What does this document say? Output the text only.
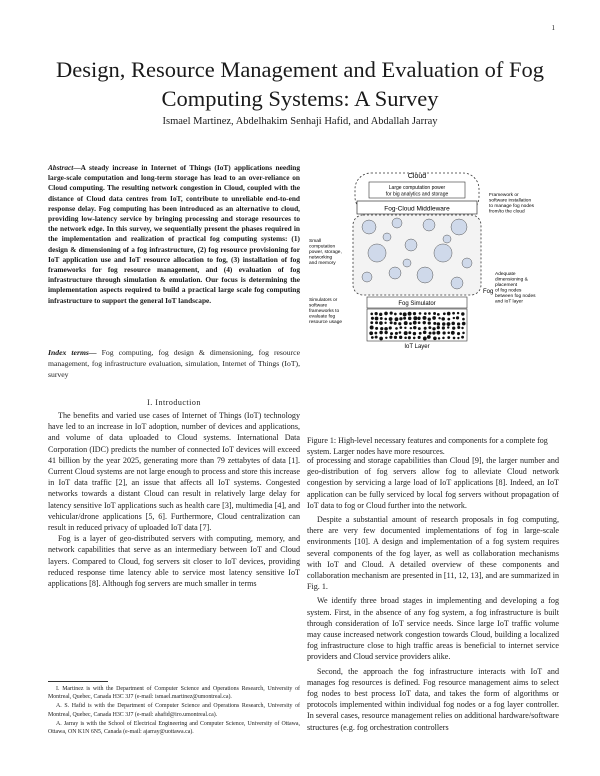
1
Design, Resource Management and Evaluation of Fog Computing Systems: A Survey
Ismael Martinez, Abdelhakim Senhaji Hafid, and Abdallah Jarray
Abstract—A steady increase in Internet of Things (IoT) applications needing large-scale computation and long-term storage has lead to an over-reliance on Cloud computing. The resulting network congestion in Cloud, coupled with the distance of Cloud data centres from IoT, contribute to unreliable end-to-end response delay. Fog computing has been introduced as an alternative to cloud, providing low-latency service by bringing processing and storage resources to the network edge. In this survey, we sequentially present the phases required in the implementation and realization of practical fog computing systems: (1) design & dimensioning of a fog infrastructure, (2) fog resource provisioning for IoT application use and IoT resource allocation to fog, (3) installation of fog frameworks for fog resource management, and (4) evaluation of fog infrastructure through simulation & emulation. Our focus is determining the implementation aspects required to build a practical large scale fog computing infrastructure to support the general IoT landscape.
Index terms— Fog computing, fog design & dimensioning, fog resource management, fog infrastructure evaluation, simulation, Internet of Things (IoT), survey
I. Introduction

The benefits and varied use cases of Internet of Things (IoT) technology have led to an increase in IoT adoption, number of devices and applications, and volume of data uploaded to Cloud systems. International Data Corporation (IDC) predicts the number of connected IoT devices will exceed 41 billion by the year 2025, generating more than 79 zettabytes of data [1]. Current Cloud systems are not large enough to process and store this increase in IoT data traffic [2], an issue that affects all IoT systems. Congested networks towards a distant Cloud can result in relatively large delay for latency sensitive IoT applications such as health care [3], multimedia [4], and vehicular/drone applications [5, 6]. Furthermore, Cloud centralization can result in reduced privacy of uploaded IoT data [7].

Fog is a layer of geo-distributed servers with computing, memory, and network capabilities that serve as an intermediary between IoT and Cloud layers. Compared to Cloud, fog servers sit closer to IoT devices, providing reduced response time latency able to service most latency sensitive IoT applications [8]. Although fog servers are much smaller in terms

I. Martinez is with the Department of Computer Science and Operations Research, University of Montreal, Quebec, Canada H3C 3J7 (e-mail: ismael.martinez@umontreal.ca).

A. S. Hafid is with the Department of Computer Science and Operations Research, University of Montreal, Quebec, Canada H3C 3J7 (e-mail: ahafid@iro.umontreal.ca).

A. Jarray is with the School of Electrical Engineering and Computer Science, University of Ottawa, Ottawa, ON K1N 6N5, Canada (e-mail: ajarray@uottawa.ca).

Cloud
Large computation power
for big analytics and storage
Fog-Cloud Middleware
Fog
Fog Simulator
IoT Layer
Framework or
software installation
to manage fog nodes
from/to the cloud
Small
computation
power, storage,
networking
and memory
Adequate
dimensioning &
placement
of fog nodes
between fog nodes
and IoT layer
Simulators or
software
frameworks to
evaluate fog
resource usage
Figure 1: High-level necessary features and components for a complete fog system. Larger nodes have more resources.

of processing and storage capabilities than Cloud [9], the larger number and geo-distribution of fog servers allow fog to alleviate Cloud network congestion by servicing a large load of IoT applications [8]. Indeed, an IoT application can be fully serviced by local fog servers without propagation of IoT data to fog or Cloud further into the network.

Despite a substantial amount of research proposals in fog computing, there are very few documented implementations of fog in large-scale environments [10]. A design and implementation of a fog system requires several components of the fog layer, as well as collaboration mechanisms with IoT and Cloud. A detailed overview of these components and collaboration mechanism are presented in [11, 12, 13], and are summarized in Fig. 1.

We identify three broad stages in implementing and developing a fog system. First, in the absence of any fog system, a fog infrastructure is built through consideration of IoT service needs. Since large IoT traffic volume may cause increased network congestion towards Cloud, building a localized fog infrastructure close to high traffic areas is beneficial to internet service providers and Cloud service providers alike.

Second, the approach the fog infrastructure interacts with IoT and manages fog resources is defined. Fog resource management aims to select fog nodes to best process IoT data, and takes the form of algorithms or protocols implemented within individual fog nodes or a fog layer controller. In several cases, resource management relies on additional hardware/software structures (e.g. fog orchestration controllers
